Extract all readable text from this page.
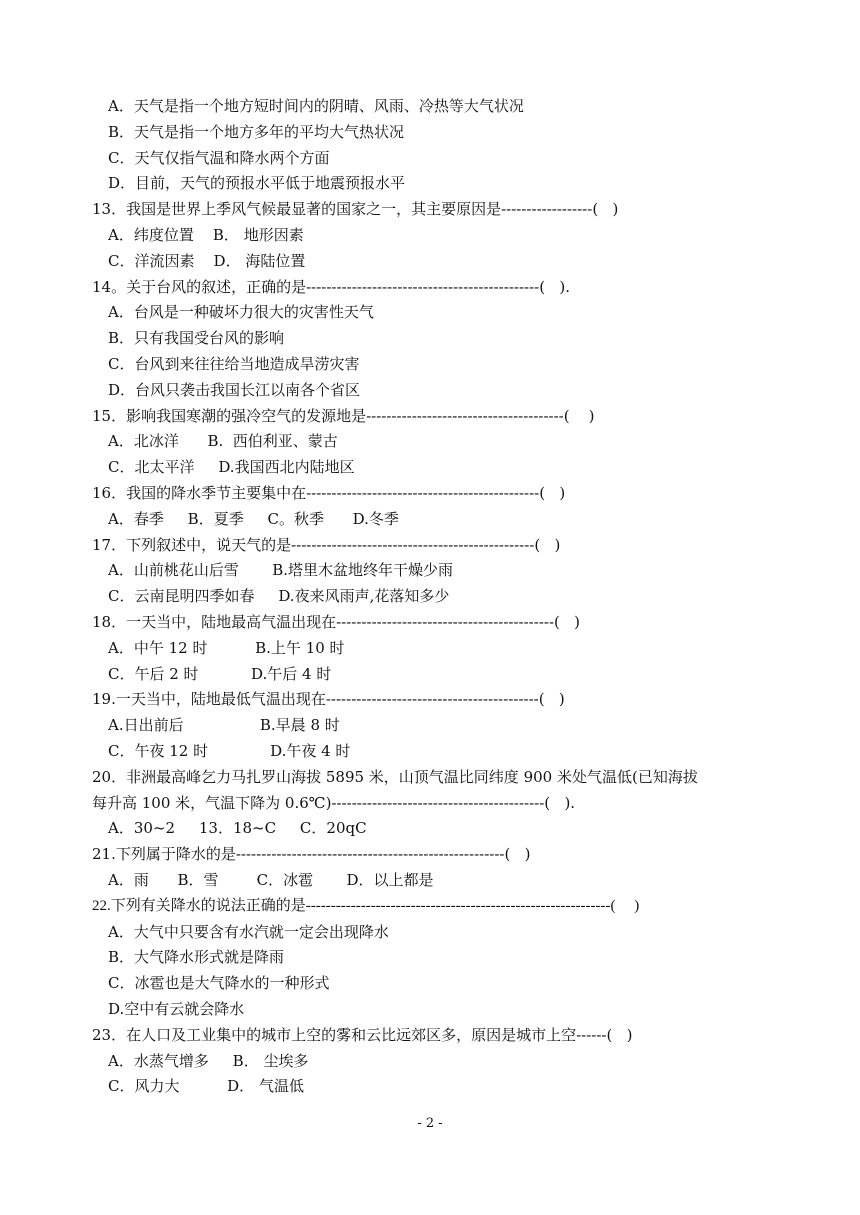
A．天气是指一个地方短时间内的阴晴、风雨、冷热等大气状况
B．天气是指一个地方多年的平均大气热状况
C．天气仅指气温和降水两个方面
D．目前，天气的预报水平低于地震预报水平
13．我国是世界上季风气候最显著的国家之一，其主要原因是------------------(   )
A．纬度位置    B． 地形因素
C．洋流因素    D． 海陆位置
14。关于台风的叙述，正确的是----------------------------------------------(   ).
A．台风是一种破坏力很大的灾害性天气
B．只有我国受台风的影响
C．台风到来往往给当地造成旱涝灾害
D．台风只袭击我国长江以南各个省区
15．影响我国寒潮的强冷空气的发源地是---------------------------------------(    )
A．北冰洋      B.  西伯利亚、蒙古
C．北太平洋     D.我国西北内陆地区
16．我国的降水季节主要集中在----------------------------------------------(   )
A．春季     B．夏季     C。秋季      D.冬季
17．下列叙述中，说天气的是------------------------------------------------(   )
A．山前桃花山后雪       B.塔里木盆地终年干燥少雨
C．云南昆明四季如春     D.夜来风雨声,花落知多少
18．一天当中，陆地最高气温出现在-------------------------------------------(   )
A．中午 12 时          B.上午 10 时
C．午后 2 时           D.午后 4 时
19.一天当中，陆地最低气温出现在------------------------------------------(   )
A.日出前后                B.早晨 8 时
C．午夜 12 时             D.午夜 4 时
20．非洲最高峰乞力马扎罗山海拔 5895 米，山顶气温比同纬度 900 米处气温低(已知海拔
每升高 100 米，气温下降为 0.6℃)------------------------------------------(   ).
A．30~2     13．18~C     C．20qC
21.下列属于降水的是-----------------------------------------------------(   )
A．雨      B．雪        C．冰雹       D．以上都是
22.下列有关降水的说法正确的是-------------------------------------------------------------(     )
A．大气中只要含有水汽就一定会出现降水
B．大气降水形式就是降雨
C．冰雹也是大气降水的一种形式
D.空中有云就会降水
23．在人口及工业集中的城市上空的雾和云比远郊区多，原因是城市上空------(   )
A．水蒸气增多     B． 尘埃多
C．风力大          D． 气温低
- 2 -
